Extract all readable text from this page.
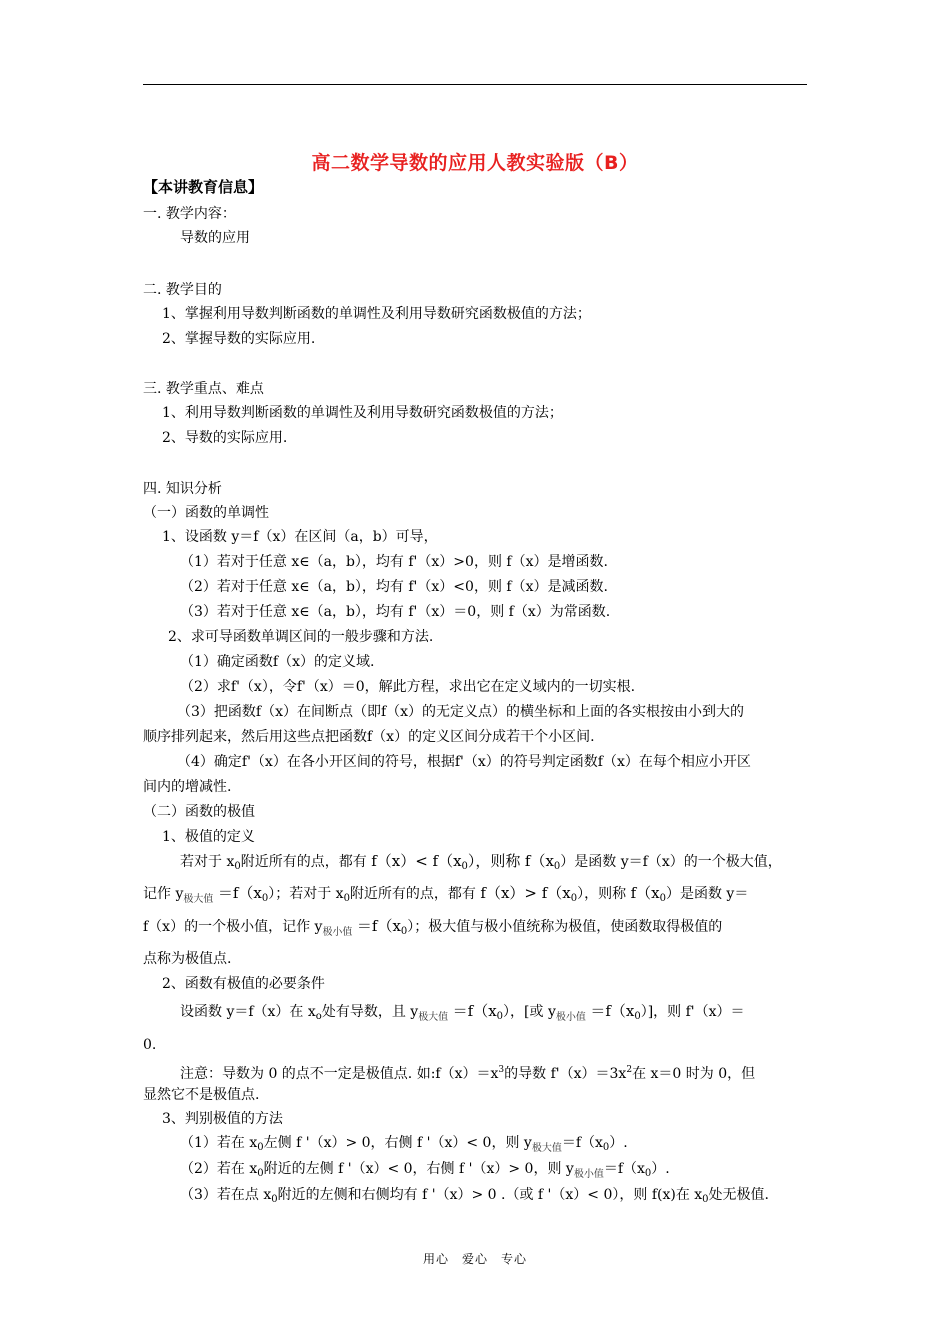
高二数学导数的应用人教实验版（B）
【本讲教育信息】
一. 教学内容：
导数的应用
二. 教学目的
1、掌握利用导数判断函数的单调性及利用导数研究函数极值的方法；
2、掌握导数的实际应用.
三. 教学重点、难点
1、利用导数判断函数的单调性及利用导数研究函数极值的方法；
2、导数的实际应用.
四. 知识分析
（一）函数的单调性
1、设函数 y＝f（x）在区间（a，b）可导，
（1）若对于任意 x∈（a，b），均有 f'（x）>0，则 f（x）是增函数.
（2）若对于任意 x∈（a，b），均有 f'（x）<0，则 f（x）是减函数.
（3）若对于任意 x∈（a，b），均有 f'（x）＝0，则 f（x）为常函数.
2、求可导函数单调区间的一般步骤和方法.
（1）确定函数f（x）的定义域.
（2）求f'（x），令f'（x）＝0，解此方程，求出它在定义域内的一切实根.
（3）把函数f（x）在间断点（即f（x）的无定义点）的横坐标和上面的各实根按由小到大的
顺序排列起来，然后用这些点把函数f（x）的定义区间分成若干个小区间.
（4）确定f'（x）在各小开区间的符号，根据f'（x）的符号判定函数f（x）在每个相应小开区
间内的增减性.
（二）函数的极值
1、极值的定义
若对于 $x_0$附近所有的点，都有 $f(x)< f(x_0)$，则称 $f(x_0)$是函数 y＝f（x）的一个极大值，
记作 $y_{极大值} =f(x_0)$；若对于 $x_0$附近所有的点，都有 $f(x)> f(x_0)$，则称 $f(x_0)$是函数 y＝
f（x）的一个极小值，记作 $y_{极小值} =f(x_0)$；极大值与极小值统称为极值，使函数取得极值的
点称为极值点.
2、函数有极值的必要条件
设函数 y＝f（x）在 $x_o$处有导数，且 $y_{极大值} =f(x_0)$，[或 $y_{极小值} =f(x_0)$]，则 f'（x）＝
0.
注意：导数为 0 的点不一定是极值点. 如$:f(x)=x^3$的导数 $f'(x)=3x^2$在 x＝0 时为 0，但
显然它不是极值点.
3、判别极值的方法
（1）若在 $x_0$左侧 f '（x）> 0，右侧 f '（x）< 0，则 $y_{极大值}=f(x_0)$.
（2）若在 $x_0$附近的左侧 f '（x）< 0，右侧 f '（x）> 0，则 $y_{极小值}=f(x_0)$.
（3）若在点 $x_0$附近的左侧和右侧均有 f '（x）> 0 .（或 f '（x）< 0），则 f(x)在 $x_0$处无极值.
用心　爱心　专心
